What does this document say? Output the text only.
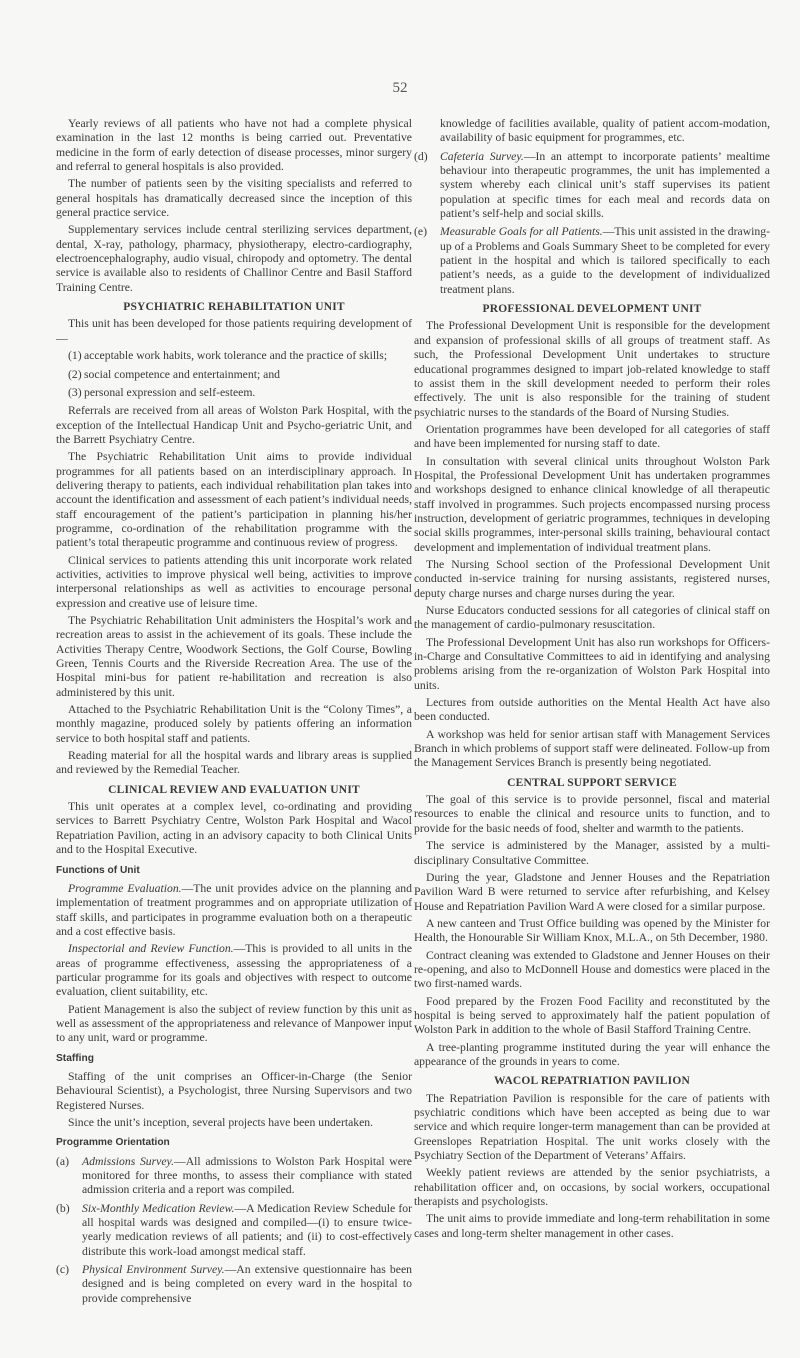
52

Yearly reviews of all patients who have not had a complete physical examination in the last 12 months is being carried out. Preventative medicine in the form of early detection of disease processes, minor surgery and referral to general hospitals is also provided.

The number of patients seen by the visiting specialists and referred to general hospitals has dramatically decreased since the inception of this general practice service.

Supplementary services include central sterilizing services department, dental, X-ray, pathology, pharmacy, physiotherapy, electro-cardiography, electroencephalography, audio visual, chiropody and optometry. The dental service is available also to residents of Challinor Centre and Basil Stafford Training Centre.

PSYCHIATRIC REHABILITATION UNIT

This unit has been developed for those patients requiring development of—

(1) acceptable work habits, work tolerance and the practice of skills;
(2) social competence and entertainment; and
(3) personal expression and self-esteem.

Referrals are received from all areas of Wolston Park Hospital, with the exception of the Intellectual Handicap Unit and Psycho-geriatric Unit, and the Barrett Psychiatry Centre.

The Psychiatric Rehabilitation Unit aims to provide individual programmes for all patients based on an interdisciplinary approach. In delivering therapy to patients, each individual rehabilitation plan takes into account the identification and assessment of each patient’s individual needs, staff encouragement of the patient’s participation in planning his/her programme, co-ordination of the rehabilitation programme with the patient’s total therapeutic programme and continuous review of progress.

Clinical services to patients attending this unit incorporate work related activities, activities to improve physical well being, activities to improve interpersonal relationships as well as activities to encourage personal expression and creative use of leisure time.

The Psychiatric Rehabilitation Unit administers the Hospital’s work and recreation areas to assist in the achievement of its goals. These include the Activities Therapy Centre, Woodwork Sections, the Golf Course, Bowling Green, Tennis Courts and the Riverside Recreation Area. The use of the Hospital mini-bus for patient re-habilitation and recreation is also administered by this unit.

Attached to the Psychiatric Rehabilitation Unit is the “Colony Times”, a monthly magazine, produced solely by patients offering an information service to both hospital staff and patients.

Reading material for all the hospital wards and library areas is supplied and reviewed by the Remedial Teacher.

CLINICAL REVIEW AND EVALUATION UNIT

This unit operates at a complex level, co-ordinating and providing services to Barrett Psychiatry Centre, Wolston Park Hospital and Wacol Repatriation Pavilion, acting in an advisory capacity to both Clinical Units and to the Hospital Executive.

Functions of Unit

Programme Evaluation.—The unit provides advice on the planning and implementation of treatment programmes and on appropriate utilization of staff skills, and participates in programme evaluation both on a therapeutic and a cost effective basis.

Inspectorial and Review Function.—This is provided to all units in the areas of programme effectiveness, assessing the appropriateness of a particular programme for its goals and objectives with respect to outcome evaluation, client suitability, etc.

Patient Management is also the subject of review function by this unit as well as assessment of the appropriateness and relevance of Manpower input to any unit, ward or programme.

Staffing

Staffing of the unit comprises an Officer-in-Charge (the Senior Behavioural Scientist), a Psychologist, three Nursing Supervisors and two Registered Nurses.

Since the unit’s inception, several projects have been undertaken.

Programme Orientation
(a)	Admissions Survey.—All admissions to Wolston Park Hospital were monitored for three months, to assess their compliance with stated admission criteria and a report was compiled.
(b)	Six-Monthly Medication Review.—A Medication Review Schedule for all hospital wards was designed and compiled—(i) to ensure twice-yearly medication reviews of all patients; and (ii) to cost-effectively distribute this work-load amongst medical staff.
(c)	Physical Environment Survey.—An extensive questionnaire has been designed and is being completed on every ward in the hospital to provide comprehensive
knowledge of facilities available, quality of patient accom-modation, availability of basic equipment for programmes, etc.
(d)	Cafeteria Survey.—In an attempt to incorporate patients’ mealtime behaviour into therapeutic programmes, the unit has implemented a system whereby each clinical unit’s staff supervises its patient population at specific times for each meal and records data on patient’s self-help and social skills.
(e)	Measurable Goals for all Patients.—This unit assisted in the drawing-up of a Problems and Goals Summary Sheet to be completed for every patient in the hospital and which is tailored specifically to each patient’s needs, as a guide to the development of individualized treatment plans.
PROFESSIONAL DEVELOPMENT UNIT

The Professional Development Unit is responsible for the development and expansion of professional skills of all groups of treatment staff. As such, the Professional Development Unit undertakes to structure educational programmes designed to impart job-related knowledge to staff to assist them in the skill development needed to perform their roles effectively. The unit is also responsible for the training of student psychiatric nurses to the standards of the Board of Nursing Studies.

Orientation programmes have been developed for all categories of staff and have been implemented for nursing staff to date.

In consultation with several clinical units throughout Wolston Park Hospital, the Professional Development Unit has undertaken programmes and workshops designed to enhance clinical knowledge of all therapeutic staff involved in programmes. Such projects encompassed nursing process instruction, development of geriatric programmes, techniques in developing social skills programmes, inter-personal skills training, behavioural contact development and implementation of individual treatment plans.

The Nursing School section of the Professional Development Unit conducted in-service training for nursing assistants, registered nurses, deputy charge nurses and charge nurses during the year.

Nurse Educators conducted sessions for all categories of clinical staff on the management of cardio-pulmonary resuscitation.

The Professional Development Unit has also run workshops for Officers-in-Charge and Consultative Committees to aid in identifying and analysing problems arising from the re-organization of Wolston Park Hospital into units.

Lectures from outside authorities on the Mental Health Act have also been conducted.

A workshop was held for senior artisan staff with Management Services Branch in which problems of support staff were delineated. Follow-up from the Management Services Branch is presently being negotiated.

CENTRAL SUPPORT SERVICE

The goal of this service is to provide personnel, fiscal and material resources to enable the clinical and resource units to function, and to provide for the basic needs of food, shelter and warmth to the patients.

The service is administered by the Manager, assisted by a multi-disciplinary Consultative Committee.

During the year, Gladstone and Jenner Houses and the Repatriation Pavilion Ward B were returned to service after refurbishing, and Kelsey House and Repatriation Pavilion Ward A were closed for a similar purpose.

A new canteen and Trust Office building was opened by the Minister for Health, the Honourable Sir William Knox, M.L.A., on 5th December, 1980.

Contract cleaning was extended to Gladstone and Jenner Houses on their re-opening, and also to McDonnell House and domestics were placed in the two first-named wards.

Food prepared by the Frozen Food Facility and reconstituted by the hospital is being served to approximately half the patient population of Wolston Park in addition to the whole of Basil Stafford Training Centre.

A tree-planting programme instituted during the year will enhance the appearance of the grounds in years to come.

WACOL REPATRIATION PAVILION

The Repatriation Pavilion is responsible for the care of patients with psychiatric conditions which have been accepted as being due to war service and which require longer-term management than can be provided at Greenslopes Repatriation Hospital. The unit works closely with the Psychiatry Section of the Department of Veterans’ Affairs.

Weekly patient reviews are attended by the senior psychiatrists, a rehabilitation officer and, on occasions, by social workers, occupational therapists and psychologists.

The unit aims to provide immediate and long-term rehabilitation in some cases and long-term shelter management in other cases.
